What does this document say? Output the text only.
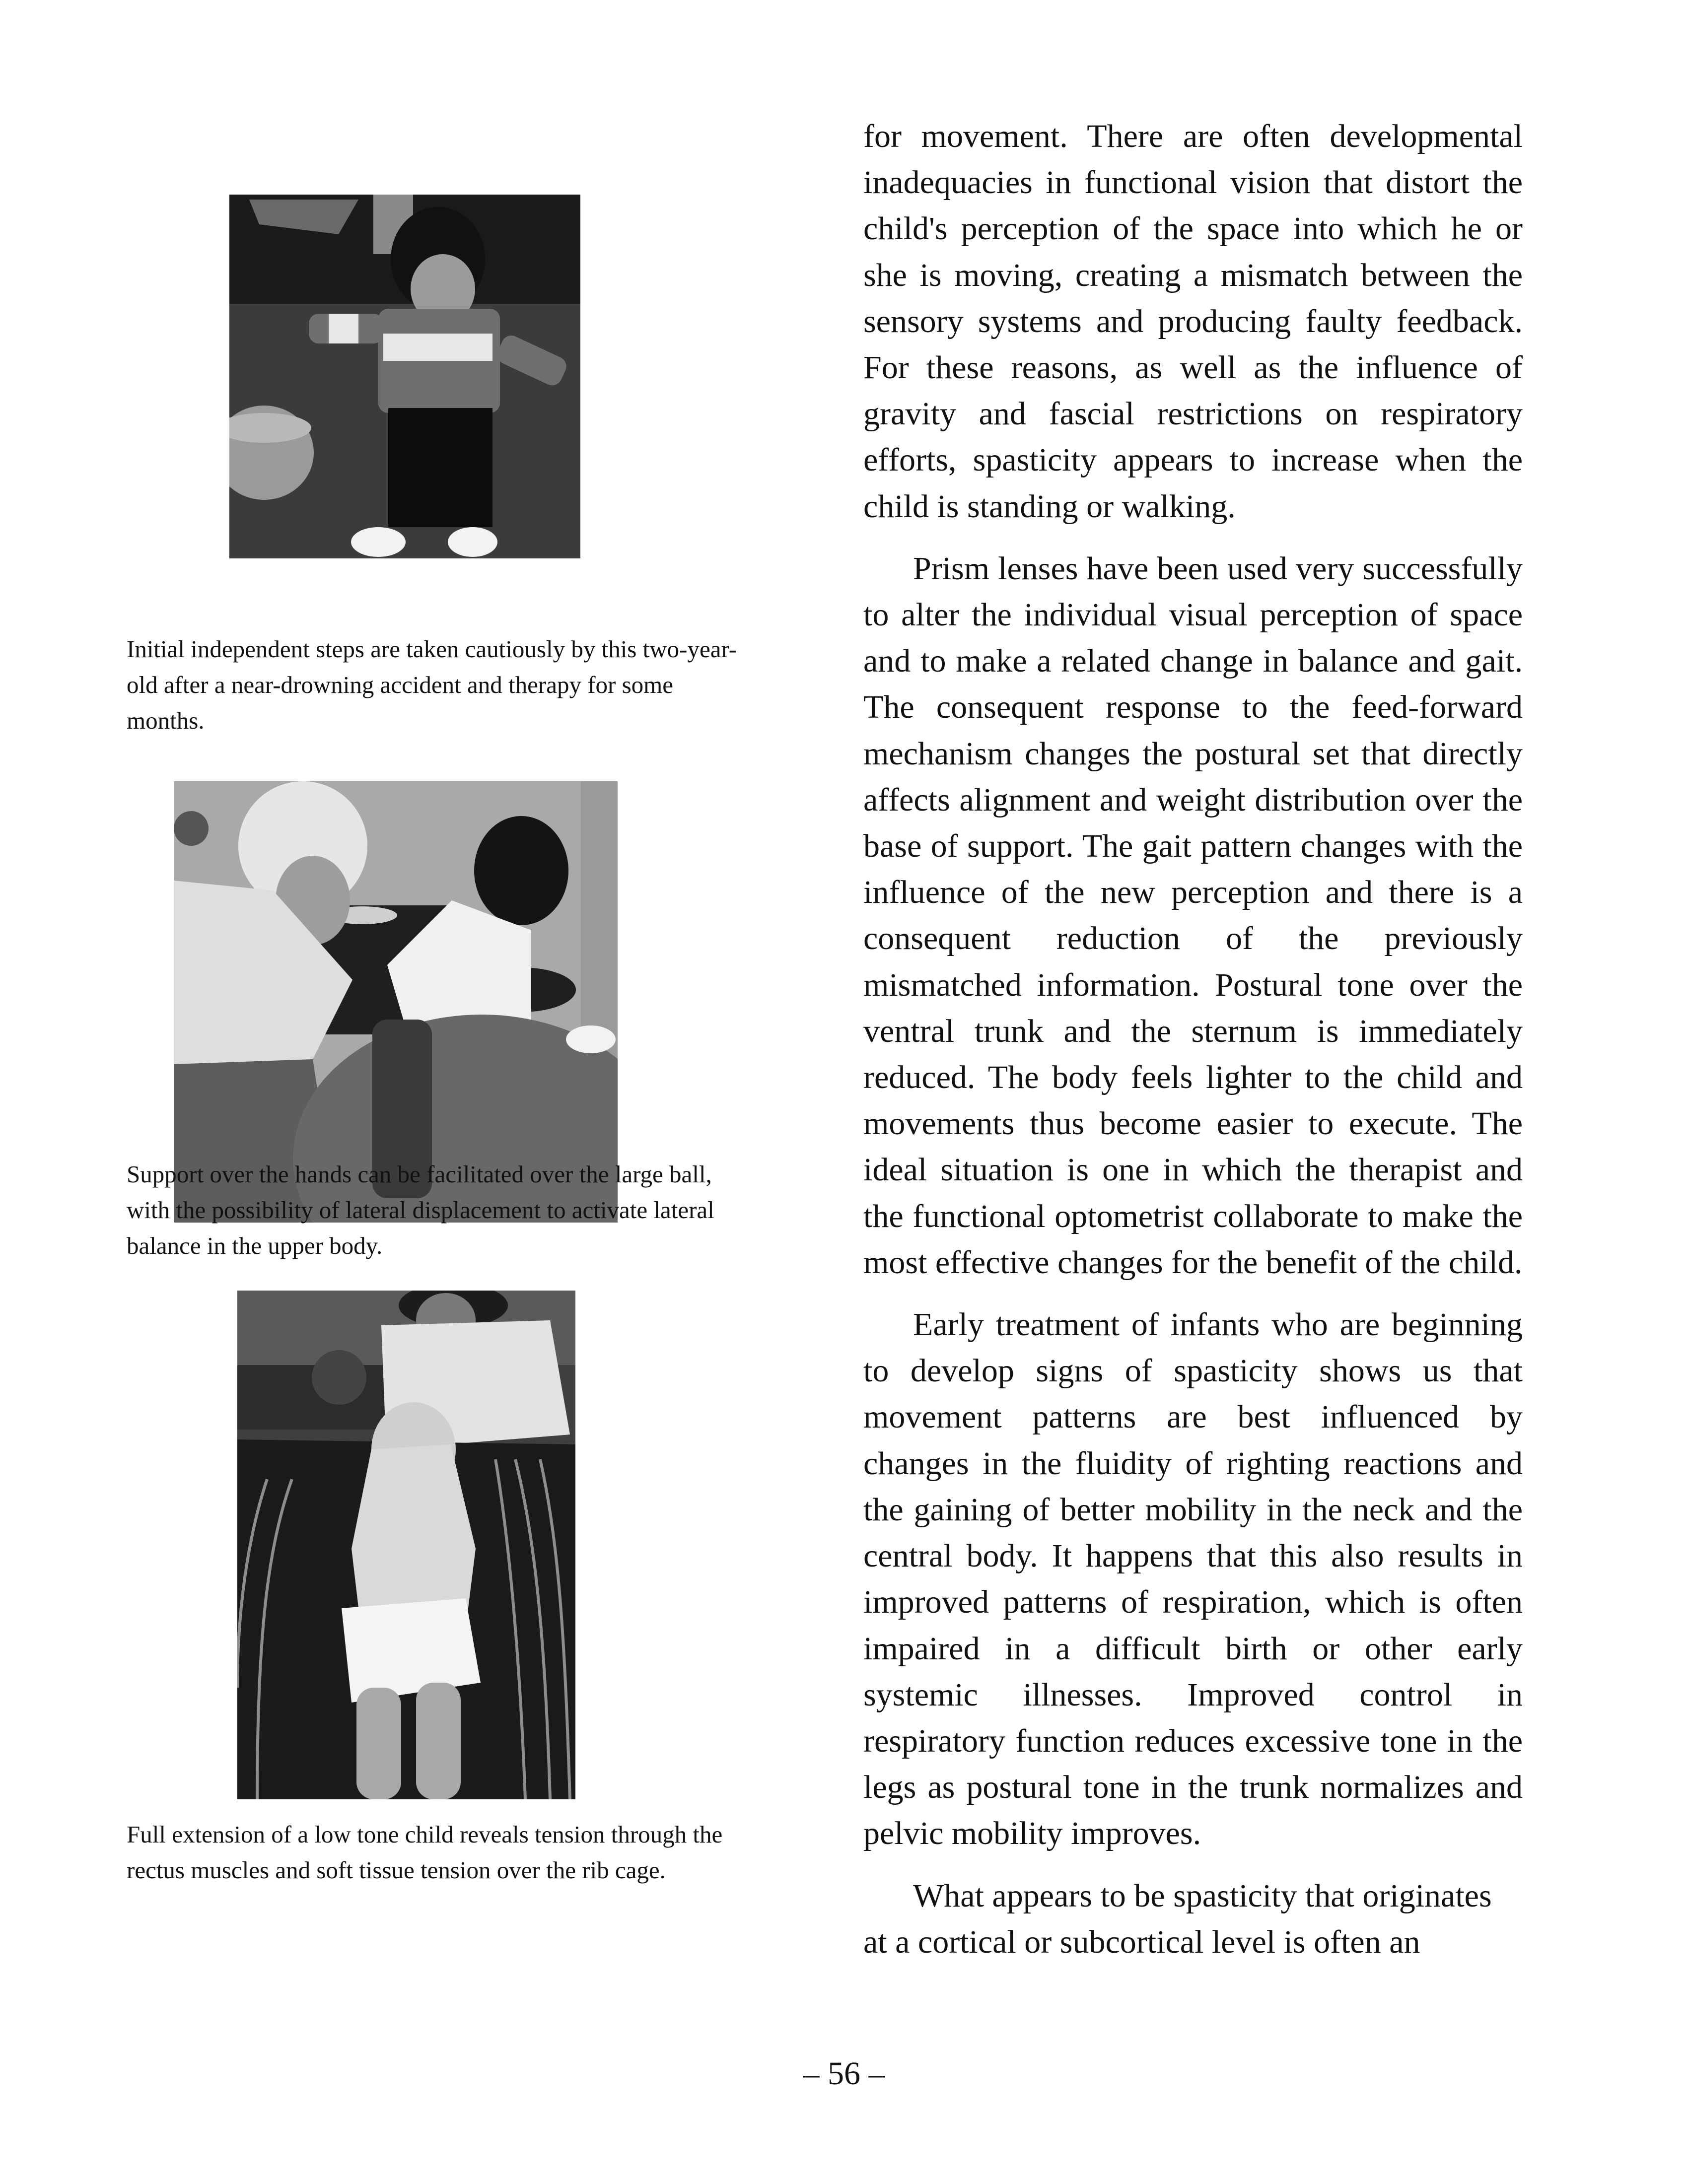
Initial independent steps are taken cautiously by this two-year-old after a near-drowning accident and therapy for some months.

Support over the hands can be facilitated over the large ball, with the possibility of lateral displacement to activate lateral balance in the upper body.

Full extension of a low tone child reveals tension through the rectus muscles and soft tissue tension over the rib cage.

for movement. There are often developmental inadequacies in functional vision that distort the child's perception of the space into which he or she is moving, creating a mismatch between the sensory systems and producing faulty feedback. For these reasons, as well as the influence of gravity and fascial restrictions on respiratory efforts, spasticity appears to increase when the child is standing or walking.

Prism lenses have been used very successfully to alter the individual visual perception of space and to make a related change in balance and gait. The consequent response to the feed-forward mechanism changes the postural set that directly affects alignment and weight distribution over the base of support. The gait pattern changes with the influence of the new perception and there is a consequent reduction of the previously mismatched information. Postural tone over the ventral trunk and the sternum is immediately reduced. The body feels lighter to the child and movements thus become easier to execute. The ideal situation is one in which the therapist and the functional optometrist collaborate to make the most effective changes for the benefit of the child.

Early treatment of infants who are beginning to develop signs of spasticity shows us that movement patterns are best influenced by changes in the fluidity of righting reactions and the gaining of better mobility in the neck and the central body. It happens that this also results in improved patterns of respiration, which is often impaired in a difficult birth or other early systemic illnesses. Improved control in respiratory function reduces excessive tone in the legs as postural tone in the trunk normalizes and pelvic mobility improves.

What appears to be spasticity that originates at a cortical or subcortical level is often an

– 56 –
